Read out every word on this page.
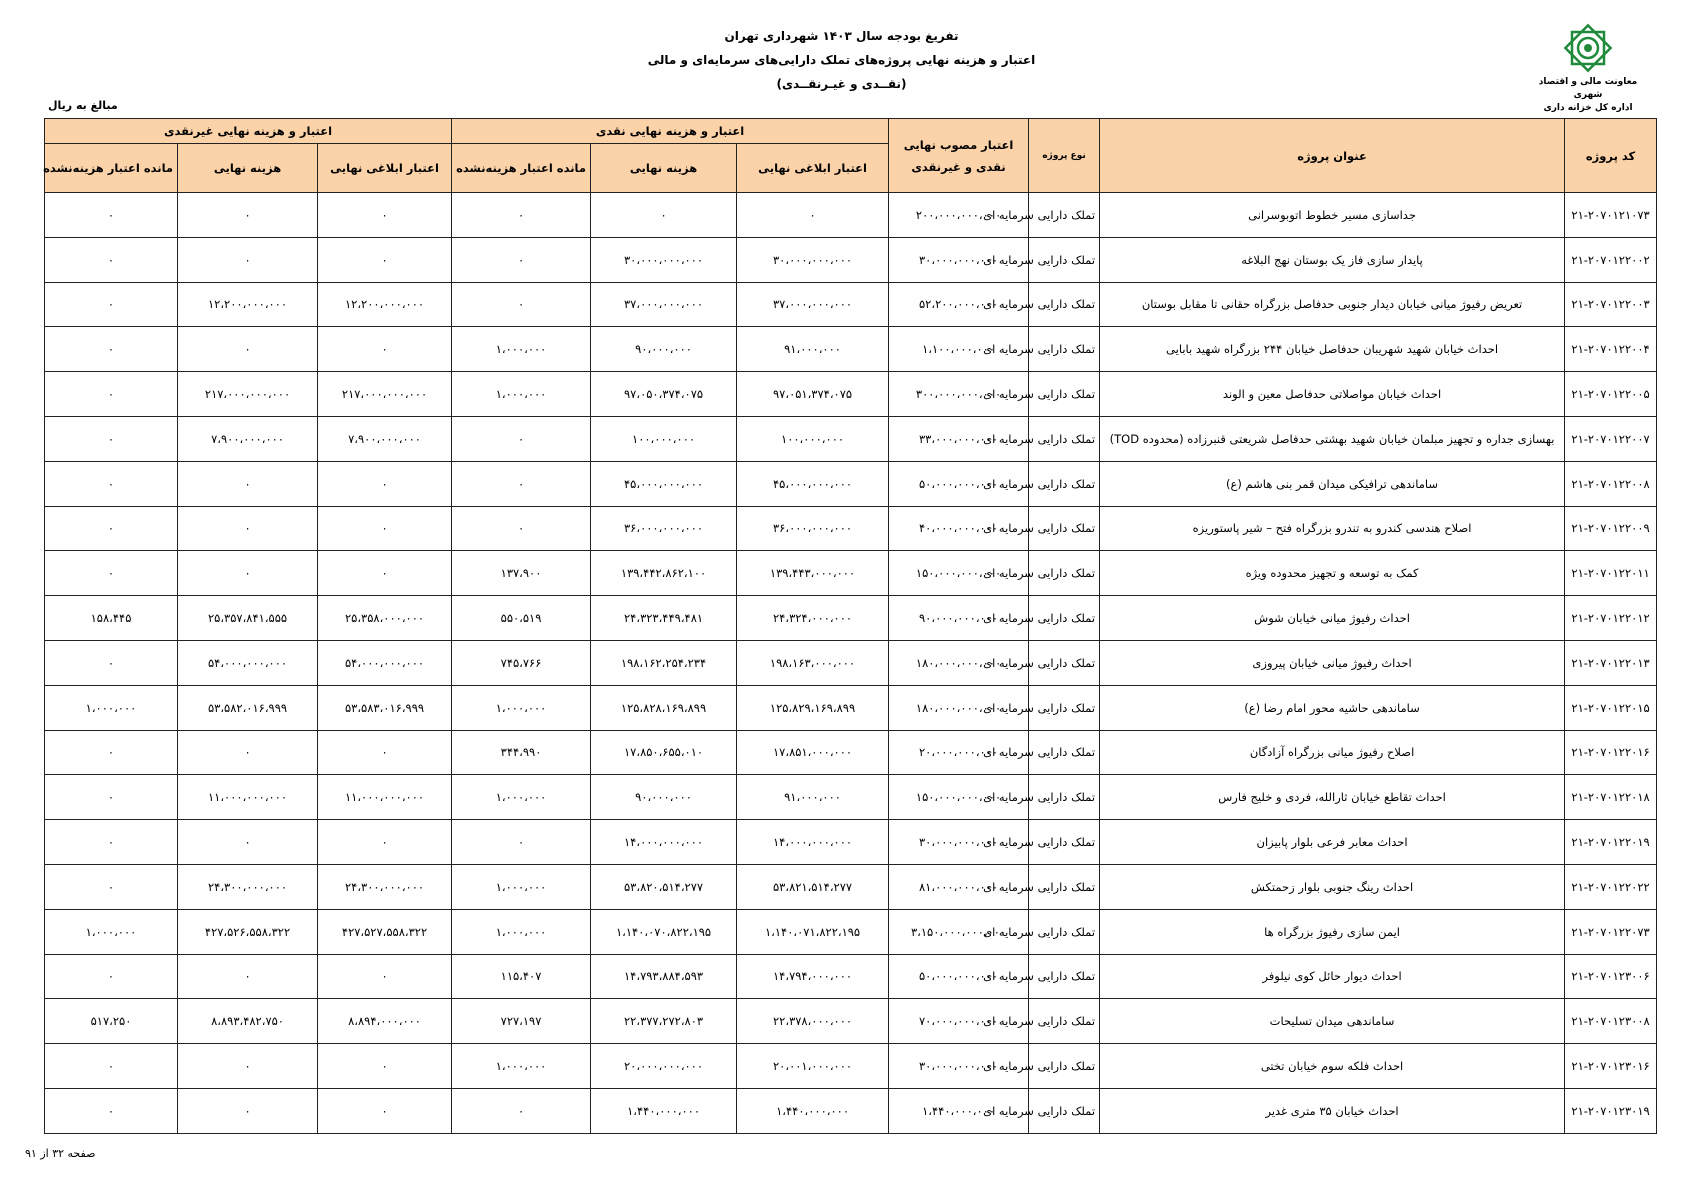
تفریغ بودجه سال ۱۴۰۳ شهرداری تهران
اعتبار و هزینه نهایی پروژه‌های تملک دارایی‌های سرمایه‌ای و مالی
(نقــدی و غیـرنقــدی)	معاونت مالی و اقتصاد شهری
اداره کل خزانه داری
مبالغ به ریال
کد پروژه	عنوان پروژه	نوع پروژه	اعتبار مصوب نهایی نقدی و غیرنقدی	اعتبار و هزینه نهایی نقدی			اعتبار و هزینه نهایی غیرنقدی		
				اعتبار ابلاغی نهایی	هزینه نهایی	مانده اعتبار هزینه‌نشده	اعتبار ابلاغی نهایی	هزینه نهایی	مانده اعتبار هزینه‌نشده
۲۱-۲۰۷۰۱۲۱۰۷۳	جداسازی مسیر خطوط اتوبوسرانی	تملک دارایی سرمایه ای	۲۰۰،۰۰۰،۰۰۰،۰۰۰	۰	۰	۰	۰	۰	۰
۲۱-۲۰۷۰۱۲۲۰۰۲	پایدار سازی فاز یک بوستان نهج البلاغه	تملک دارایی سرمایه ای	۳۰،۰۰۰،۰۰۰،۰۰۰	۳۰،۰۰۰،۰۰۰،۰۰۰	۳۰،۰۰۰،۰۰۰،۰۰۰	۰	۰	۰	۰
۲۱-۲۰۷۰۱۲۲۰۰۳	تعریض رفیوژ میانی خیابان دیدار جنوبی حدفاصل بزرگراه حقانی تا مقابل بوستان	تملک دارایی سرمایه ای	۵۲،۲۰۰،۰۰۰،۰۰۰	۳۷،۰۰۰،۰۰۰،۰۰۰	۳۷،۰۰۰،۰۰۰،۰۰۰	۰	۱۲،۲۰۰،۰۰۰،۰۰۰	۱۲،۲۰۰،۰۰۰،۰۰۰	۰
۲۱-۲۰۷۰۱۲۲۰۰۴	احداث خیابان شهید شهریبان حدفاصل خیابان ۲۴۴ بزرگراه شهید بابایی	تملک دارایی سرمایه ای	۱،۱۰۰،۰۰۰،۰۰۰	۹۱،۰۰۰،۰۰۰	۹۰،۰۰۰،۰۰۰	۱،۰۰۰،۰۰۰	۰	۰	۰
۲۱-۲۰۷۰۱۲۲۰۰۵	احداث خیابان مواصلاتی حدفاصل معین و الوند	تملک دارایی سرمایه ای	۳۰۰،۰۰۰،۰۰۰،۰۰۰	۹۷،۰۵۱،۳۷۴،۰۷۵	۹۷،۰۵۰،۳۷۴،۰۷۵	۱،۰۰۰،۰۰۰	۲۱۷،۰۰۰،۰۰۰،۰۰۰	۲۱۷،۰۰۰،۰۰۰،۰۰۰	۰
۲۱-۲۰۷۰۱۲۲۰۰۷	بهسازی جداره و تجهیز مبلمان خیابان شهید بهشتی حدفاصل شریعتی قنبرزاده (محدوده TOD)	تملک دارایی سرمایه ای	۳۳،۰۰۰،۰۰۰،۰۰۰	۱۰۰،۰۰۰،۰۰۰	۱۰۰،۰۰۰،۰۰۰	۰	۷،۹۰۰،۰۰۰،۰۰۰	۷،۹۰۰،۰۰۰،۰۰۰	۰
۲۱-۲۰۷۰۱۲۲۰۰۸	ساماندهی ترافیکی میدان قمر بنی هاشم (ع)	تملک دارایی سرمایه ای	۵۰،۰۰۰،۰۰۰،۰۰۰	۴۵،۰۰۰،۰۰۰،۰۰۰	۴۵،۰۰۰،۰۰۰،۰۰۰	۰	۰	۰	۰
۲۱-۲۰۷۰۱۲۲۰۰۹	اصلاح هندسی کندرو به تندرو بزرگراه فتح – شیر پاستوریزه	تملک دارایی سرمایه ای	۴۰،۰۰۰،۰۰۰،۰۰۰	۳۶،۰۰۰،۰۰۰،۰۰۰	۳۶،۰۰۰،۰۰۰،۰۰۰	۰	۰	۰	۰
۲۱-۲۰۷۰۱۲۲۰۱۱	کمک به توسعه و تجهیز محدوده ویژه	تملک دارایی سرمایه ای	۱۵۰،۰۰۰،۰۰۰،۰۰۰	۱۳۹،۴۴۳،۰۰۰،۰۰۰	۱۳۹،۴۴۲،۸۶۲،۱۰۰	۱۳۷،۹۰۰	۰	۰	۰
۲۱-۲۰۷۰۱۲۲۰۱۲	احداث رفیوژ میانی خیابان شوش	تملک دارایی سرمایه ای	۹۰،۰۰۰،۰۰۰،۰۰۰	۲۴،۳۲۴،۰۰۰،۰۰۰	۲۴،۳۲۳،۴۴۹،۴۸۱	۵۵۰،۵۱۹	۲۵،۳۵۸،۰۰۰،۰۰۰	۲۵،۳۵۷،۸۴۱،۵۵۵	۱۵۸،۴۴۵
۲۱-۲۰۷۰۱۲۲۰۱۳	احداث رفیوژ میانی خیابان پیروزی	تملک دارایی سرمایه ای	۱۸۰،۰۰۰،۰۰۰،۰۰۰	۱۹۸،۱۶۳،۰۰۰،۰۰۰	۱۹۸،۱۶۲،۲۵۴،۲۳۴	۷۴۵،۷۶۶	۵۴،۰۰۰،۰۰۰،۰۰۰	۵۴،۰۰۰،۰۰۰،۰۰۰	۰
۲۱-۲۰۷۰۱۲۲۰۱۵	ساماندهی حاشیه محور امام رضا (ع)	تملک دارایی سرمایه ای	۱۸۰،۰۰۰،۰۰۰،۰۰۰	۱۲۵،۸۲۹،۱۶۹،۸۹۹	۱۲۵،۸۲۸،۱۶۹،۸۹۹	۱،۰۰۰،۰۰۰	۵۳،۵۸۳،۰۱۶،۹۹۹	۵۳،۵۸۲،۰۱۶،۹۹۹	۱،۰۰۰،۰۰۰
۲۱-۲۰۷۰۱۲۲۰۱۶	اصلاح رفیوژ میانی بزرگراه آزادگان	تملک دارایی سرمایه ای	۲۰،۰۰۰،۰۰۰،۰۰۰	۱۷،۸۵۱،۰۰۰،۰۰۰	۱۷،۸۵۰،۶۵۵،۰۱۰	۳۴۴،۹۹۰	۰	۰	۰
۲۱-۲۰۷۰۱۲۲۰۱۸	احداث تقاطع خیابان ثارالله، فردی و خلیج فارس	تملک دارایی سرمایه ای	۱۵۰،۰۰۰،۰۰۰،۰۰۰	۹۱،۰۰۰،۰۰۰	۹۰،۰۰۰،۰۰۰	۱،۰۰۰،۰۰۰	۱۱،۰۰۰،۰۰۰،۰۰۰	۱۱،۰۰۰،۰۰۰،۰۰۰	۰
۲۱-۲۰۷۰۱۲۲۰۱۹	احداث معابر فرعی بلوار پابیزان	تملک دارایی سرمایه ای	۳۰،۰۰۰،۰۰۰،۰۰۰	۱۴،۰۰۰،۰۰۰،۰۰۰	۱۴،۰۰۰،۰۰۰،۰۰۰	۰	۰	۰	۰
۲۱-۲۰۷۰۱۲۲۰۲۲	احداث رینگ جنوبی بلوار زحمتکش	تملک دارایی سرمایه ای	۸۱،۰۰۰،۰۰۰،۰۰۰	۵۳،۸۲۱،۵۱۴،۲۷۷	۵۳،۸۲۰،۵۱۴،۲۷۷	۱،۰۰۰،۰۰۰	۲۴،۳۰۰،۰۰۰،۰۰۰	۲۴،۳۰۰،۰۰۰،۰۰۰	۰
۲۱-۲۰۷۰۱۲۲۰۷۳	ایمن سازی رفیوژ بزرگراه ها	تملک دارایی سرمایه ای	۳،۱۵۰،۰۰۰،۰۰۰،۰۰۰	۱،۱۴۰،۰۷۱،۸۲۲،۱۹۵	۱،۱۴۰،۰۷۰،۸۲۲،۱۹۵	۱،۰۰۰،۰۰۰	۴۲۷،۵۲۷،۵۵۸،۳۲۲	۴۲۷،۵۲۶،۵۵۸،۳۲۲	۱،۰۰۰،۰۰۰
۲۱-۲۰۷۰۱۲۳۰۰۶	احداث دیوار حائل کوی نیلوفر	تملک دارایی سرمایه ای	۵۰،۰۰۰،۰۰۰،۰۰۰	۱۴،۷۹۴،۰۰۰،۰۰۰	۱۴،۷۹۳،۸۸۴،۵۹۳	۱۱۵،۴۰۷	۰	۰	۰
۲۱-۲۰۷۰۱۲۳۰۰۸	ساماندهی میدان تسلیحات	تملک دارایی سرمایه ای	۷۰،۰۰۰،۰۰۰،۰۰۰	۲۲،۳۷۸،۰۰۰،۰۰۰	۲۲،۳۷۷،۲۷۲،۸۰۳	۷۲۷،۱۹۷	۸،۸۹۴،۰۰۰،۰۰۰	۸،۸۹۳،۴۸۲،۷۵۰	۵۱۷،۲۵۰
۲۱-۲۰۷۰۱۲۳۰۱۶	احداث فلکه سوم خیابان تختی	تملک دارایی سرمایه ای	۳۰،۰۰۰،۰۰۰،۰۰۰	۲۰،۰۰۱،۰۰۰،۰۰۰	۲۰،۰۰۰،۰۰۰،۰۰۰	۱،۰۰۰،۰۰۰	۰	۰	۰
۲۱-۲۰۷۰۱۲۳۰۱۹	احداث خیابان ۳۵ متری غدیر	تملک دارایی سرمایه ای	۱،۴۴۰،۰۰۰،۰۰۰	۱،۴۴۰،۰۰۰،۰۰۰	۱،۴۴۰،۰۰۰،۰۰۰	۰	۰	۰	۰
صفحه ۳۲ از ۹۱
